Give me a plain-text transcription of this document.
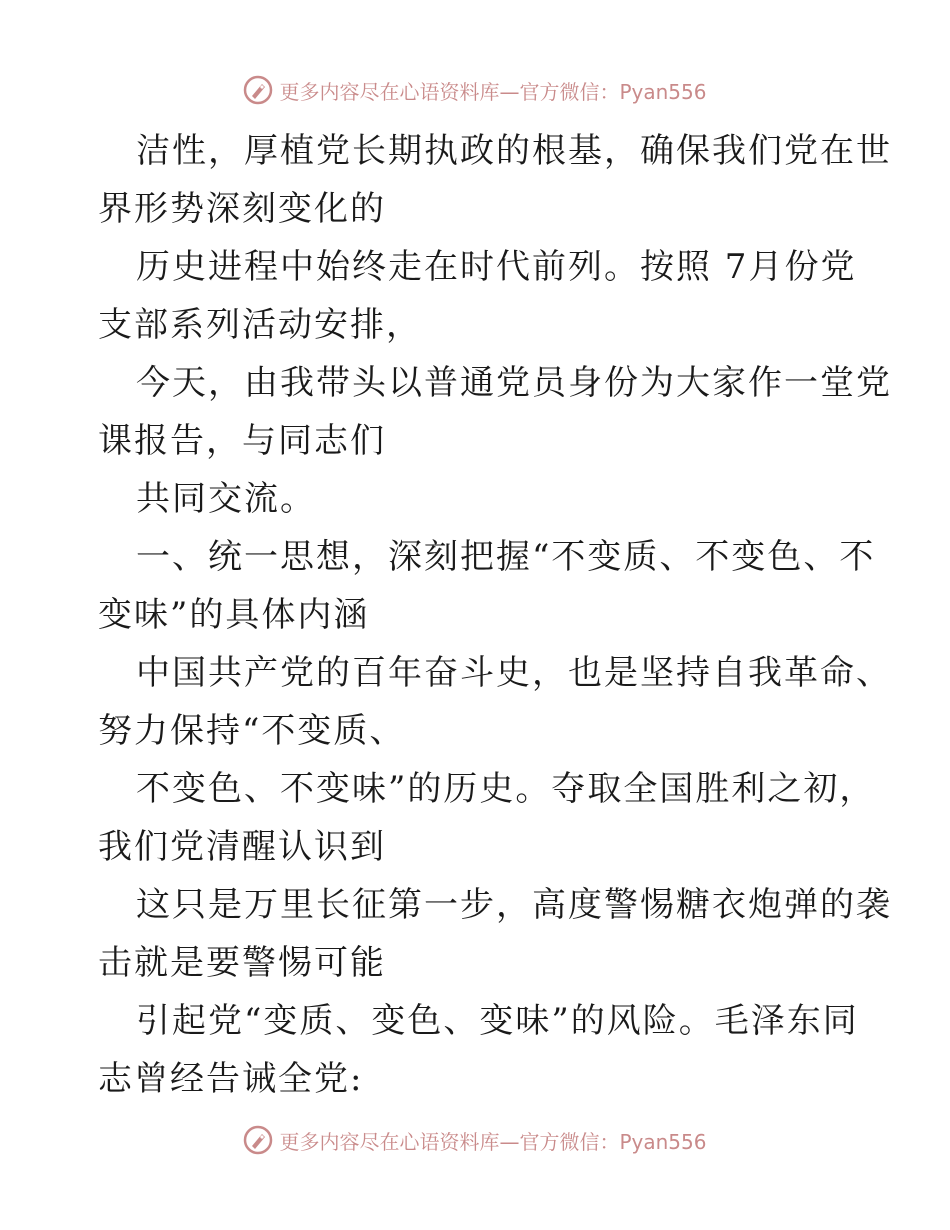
更多内容尽在心语资料库—官方微信：Pyan556

洁性，厚植党长期执政的根基，确保我们党在世
界形势深刻变化的

历史进程中始终走在时代前列。按照 7月份党
支部系列活动安排，

今天，由我带头以普通党员身份为大家作一堂党
课报告，与同志们

共同交流。

一、统一思想，深刻把握“不变质、不变色、不
变味”的具体内涵

中国共产党的百年奋斗史，也是坚持自我革命、
努力保持“不变质、

不变色、不变味”的历史。夺取全国胜利之初，
我们党清醒认识到

这只是万里长征第一步，高度警惕糖衣炮弹的袭
击就是要警惕可能

引起党“变质、变色、变味”的风险。毛泽东同
志曾经告诫全党:

更多内容尽在心语资料库—官方微信：Pyan556
